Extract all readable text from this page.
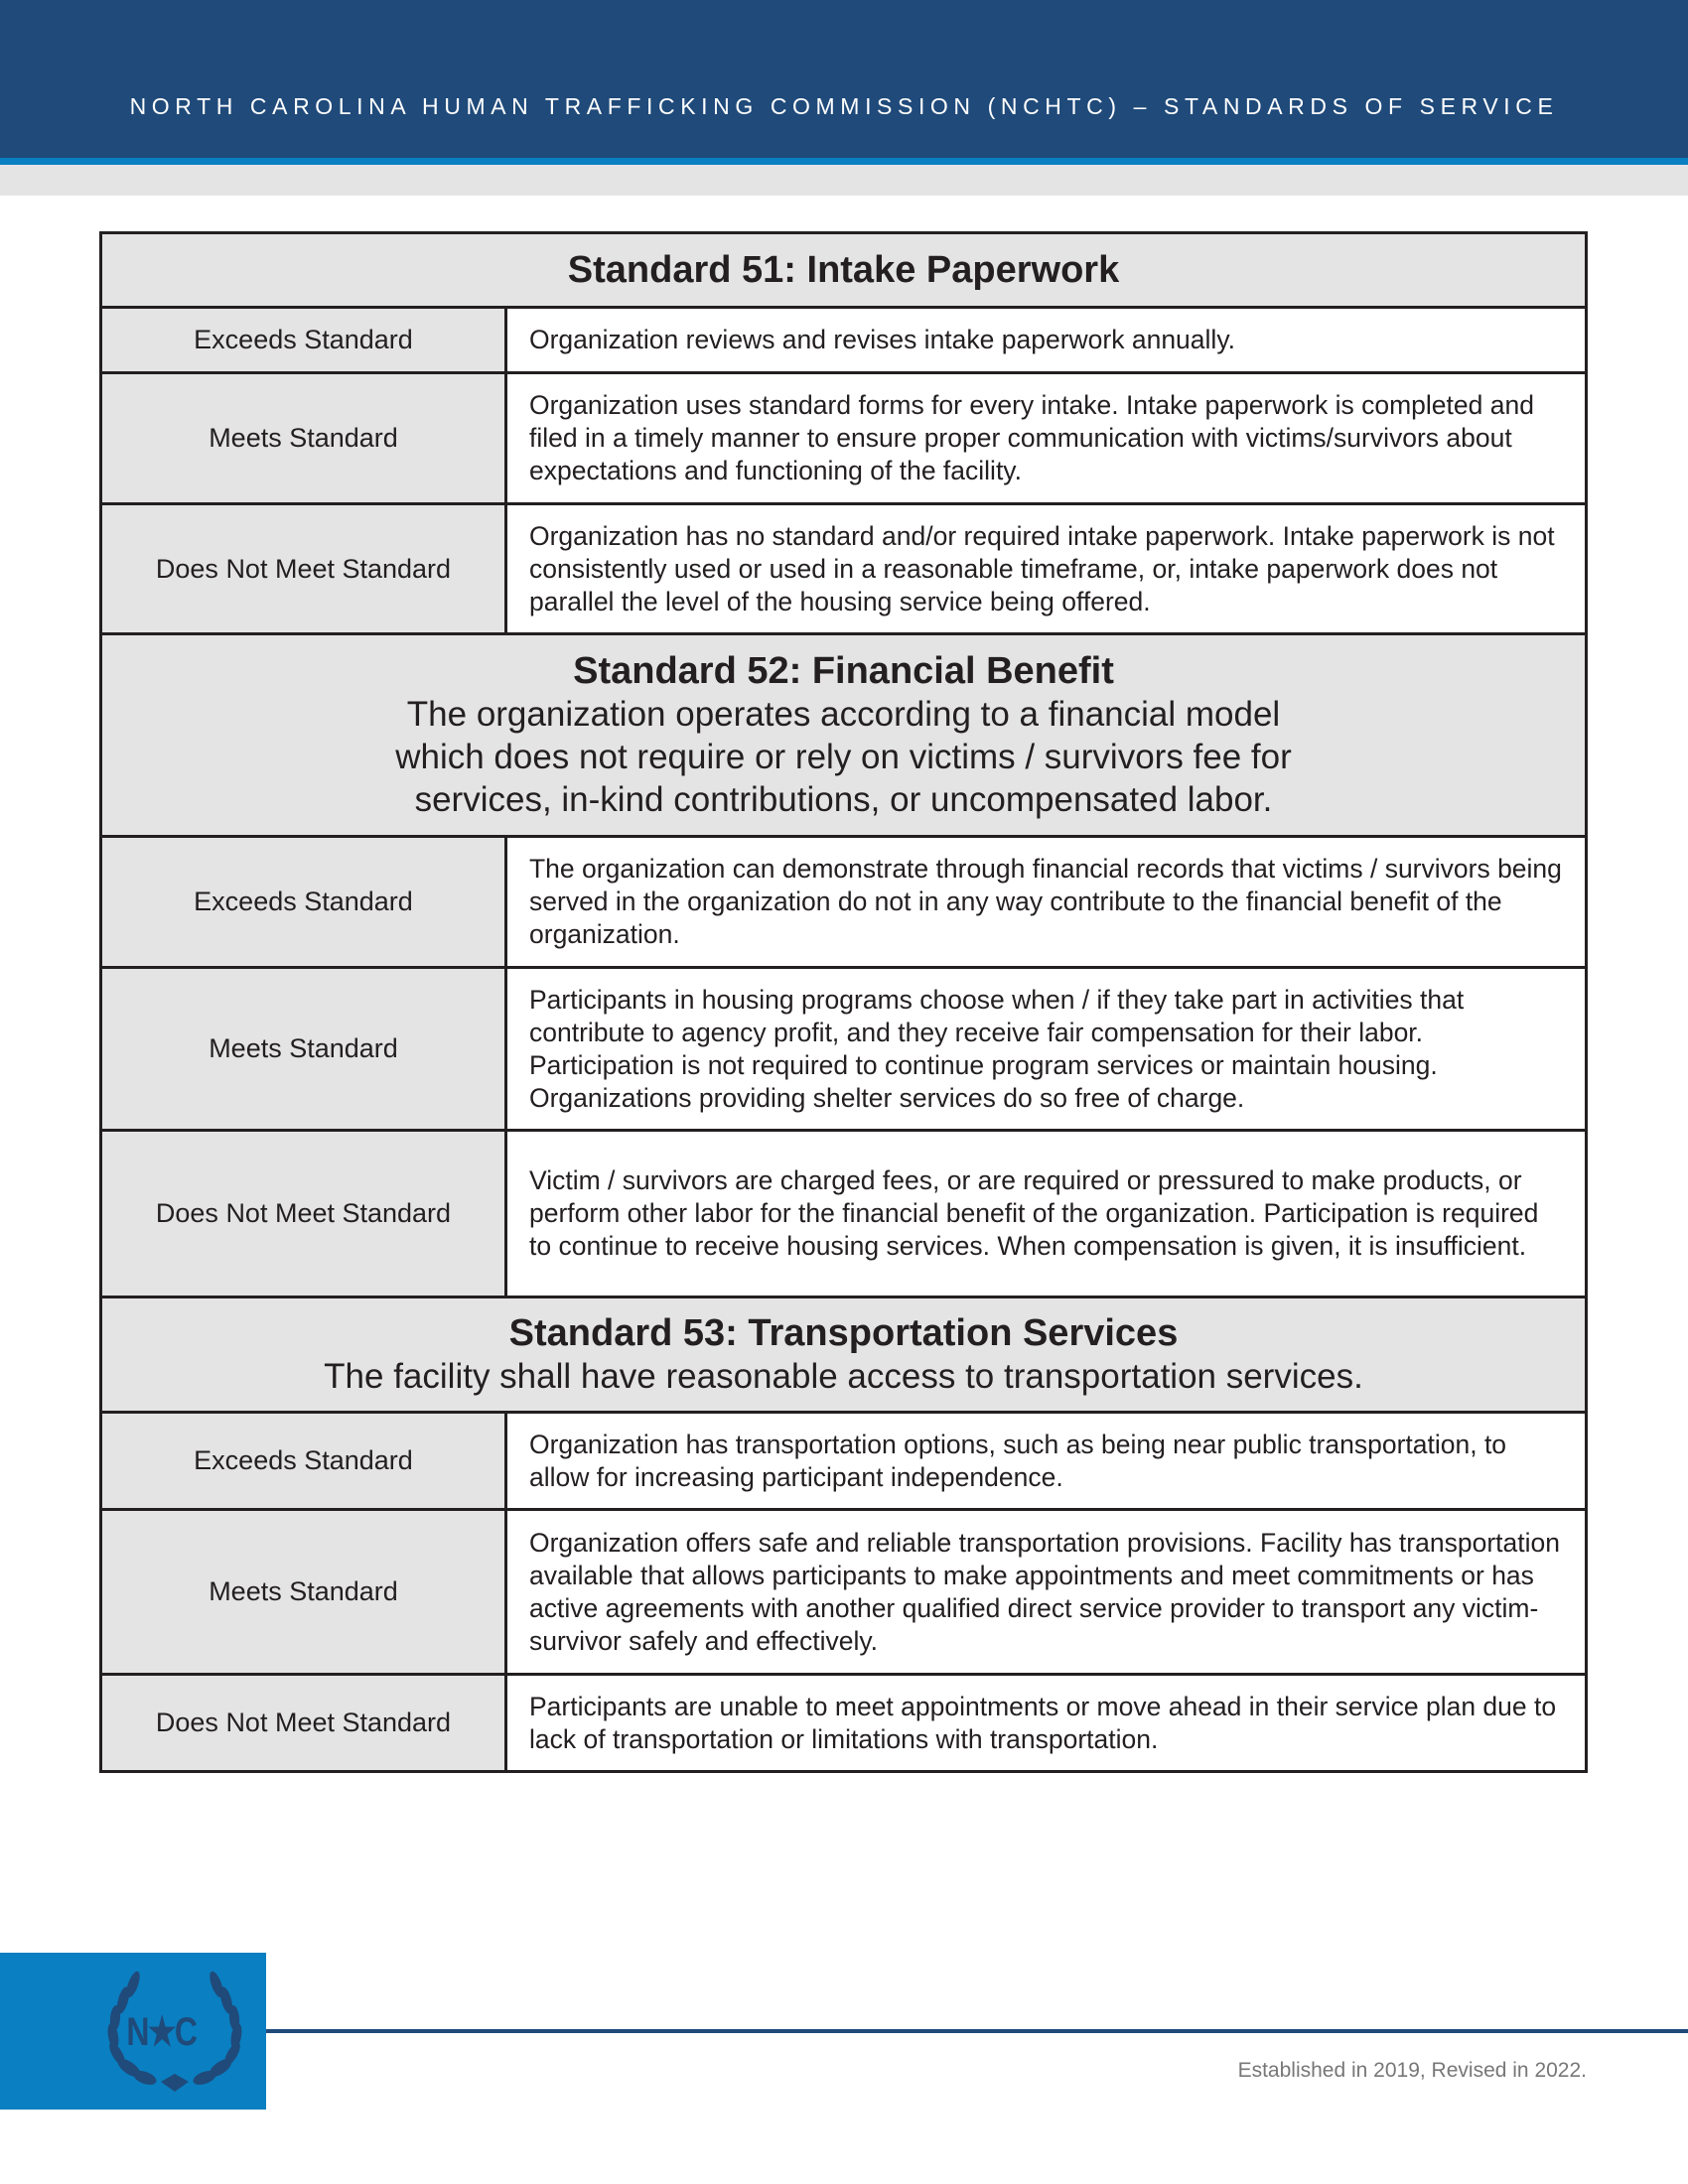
NORTH CAROLINA HUMAN TRAFFICKING COMMISSION (NCHTC) – STANDARDS OF SERVICE
Standard 51: Intake Paperwork	

Exceeds Standard	Organization reviews and revises intake paperwork annually.
Meets Standard	Organization uses standard forms for every intake. Intake paperwork is completed and filed in a timely manner to ensure proper communication with victims/survivors about expectations and functioning of the facility.
Does Not Meet Standard	Organization has no standard and/or required intake paperwork. Intake paperwork is not consistently used or used in a reasonable timeframe, or, intake paperwork does not parallel the level of the housing service being offered.

Standard 52: Financial Benefit
The organization operates according to a financial model
which does not require or rely on victims / survivors fee for
services, in-kind contributions, or uncompensated labor.	

Exceeds Standard	The organization can demonstrate through financial records that victims / survivors being served in the organization do not in any way contribute to the financial benefit of the organization.
Meets Standard	Participants in housing programs choose when / if they take part in activities that contribute to agency profit, and they receive fair compensation for their labor. Participation is not required to continue program services or maintain housing. Organizations providing shelter services do so free of charge.
Does Not Meet Standard	Victim / survivors are charged fees, or are required or pressured to make products, or perform other labor for the financial benefit of the organization. Participation is required to continue to receive housing services. When compensation is given, it is insufficient.

Standard 53: Transportation Services
The facility shall have reasonable access to transportation services.	

Exceeds Standard	Organization has transportation options, such as being near public transportation, to allow for increasing participant independence.
Meets Standard	Organization offers safe and reliable transportation provisions. Facility has transportation available that allows participants to make appointments and meet commitments or has active agreements with another qualified direct service provider to transport any victim-survivor safely and effectively.
Does Not Meet Standard	Participants are unable to meet appointments or move ahead in their service plan due to lack of transportation or limitations with transportation.
N★C
Established in 2019, Revised in 2022.
